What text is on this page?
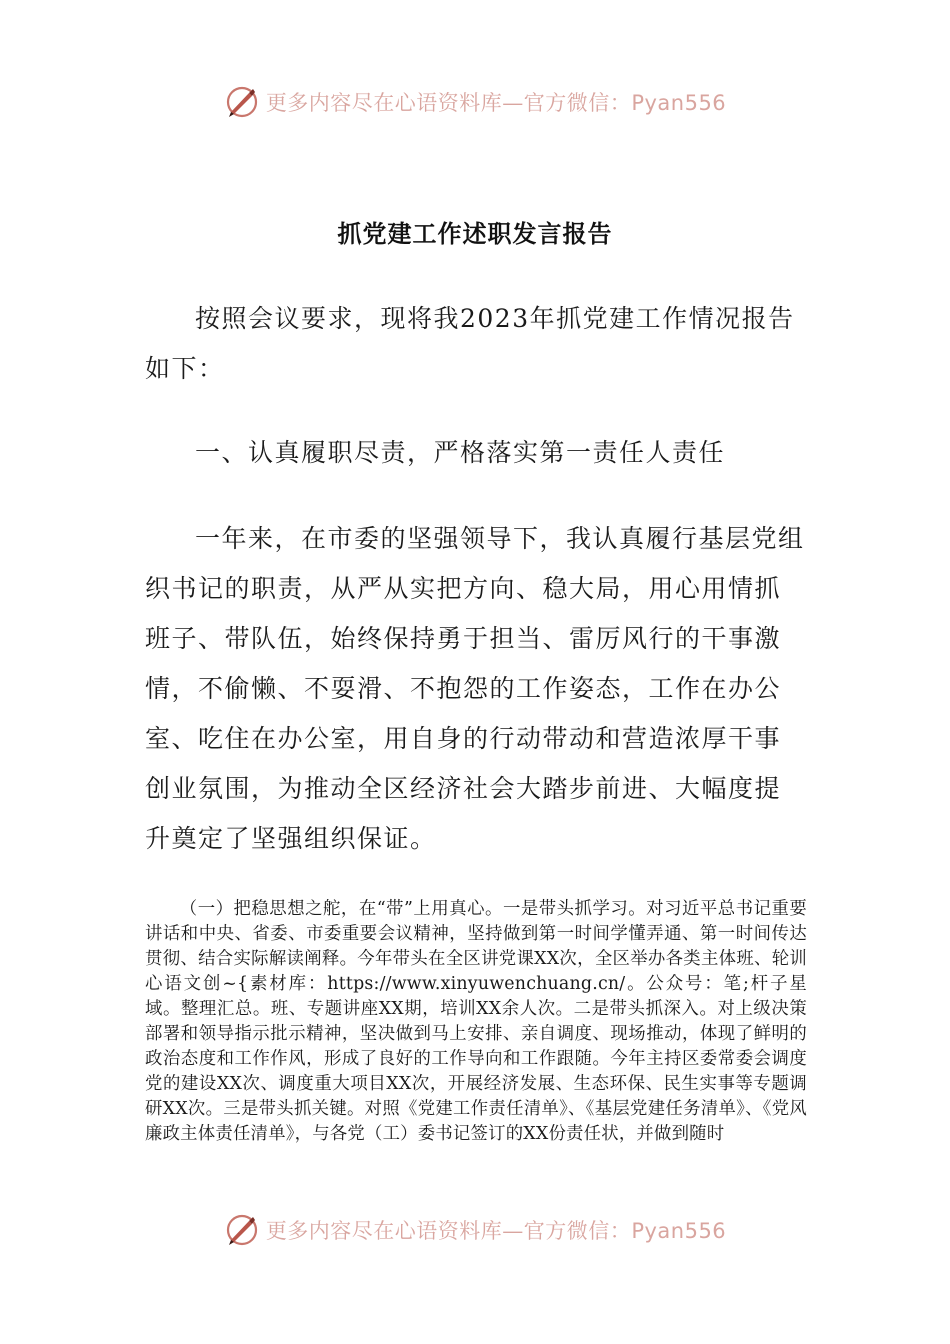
更多内容尽在心语资料库—官方微信：Pyan556
抓党建工作述职发言报告

按照会议要求，现将我2023年抓党建工作情况报告如下：

一、认真履职尽责，严格落实第一责任人责任

一年来，在市委的坚强领导下，我认真履行基层党组织书记的职责，从严从实把方向、稳大局，用心用情抓班子、带队伍，始终保持勇于担当、雷厉风行的干事激情，不偷懒、不耍滑、不抱怨的工作姿态，工作在办公室、吃住在办公室，用自身的行动带动和营造浓厚干事创业氛围，为推动全区经济社会大踏步前进、大幅度提升奠定了坚强组织保证。

（一）把稳思想之舵，在“带”上用真心。一是带头抓学习。对习近平总书记重要讲话和中央、省委、市委重要会议精神，坚持做到第一时间学懂弄通、第一时间传达贯彻、结合实际解读阐释。今年带头在全区讲党课XX次，全区举办各类主体班、轮训心语文创~{素材库：https://www.xinyuwenchuang.cn/。公众号：笔;杆子星域。整理汇总。班、专题讲座XX期，培训XX余人次。二是带头抓深入。对上级决策部署和领导指示批示精神，坚决做到马上安排、亲自调度、现场推动，体现了鲜明的政治态度和工作作风，形成了良好的工作导向和工作跟随。今年主持区委常委会调度党的建设XX次、调度重大项目XX次，开展经济发展、生态环保、民生实事等专题调研XX次。三是带头抓关键。对照《党建工作责任清单》、《基层党建任务清单》、《党风廉政主体责任清单》，与各党（工）委书记签订的XX份责任状，并做到随时

更多内容尽在心语资料库—官方微信：Pyan556
